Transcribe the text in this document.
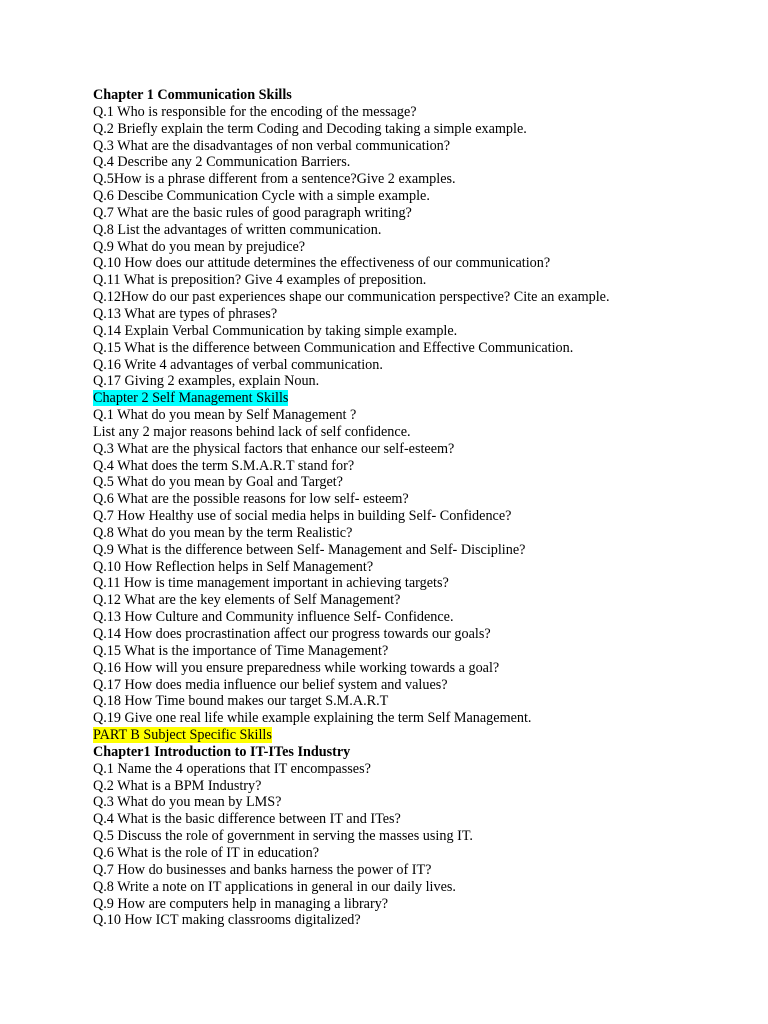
Chapter 1 Communication Skills
Q.1 Who is responsible for the encoding of the message?
Q.2 Briefly explain the term Coding and Decoding taking a simple example.
Q.3 What are the disadvantages of non verbal communication?
Q.4 Describe any 2 Communication Barriers.
Q.5How is a phrase different from a sentence?Give 2 examples.
Q.6 Descibe Communication Cycle with a simple example.
Q.7 What are the basic rules of good paragraph writing?
Q.8 List the advantages of written communication.
Q.9 What do you mean by prejudice?
Q.10 How does our attitude determines the effectiveness of our communication?
Q.11 What is preposition? Give 4 examples of preposition.
Q.12How do our past experiences shape our communication perspective? Cite an example.
Q.13 What are types of phrases?
Q.14 Explain Verbal Communication by taking simple example.
Q.15 What is the difference between Communication and Effective Communication.
Q.16 Write 4 advantages of verbal communication.
Q.17 Giving 2 examples, explain Noun.
Chapter 2 Self Management Skills
Q.1 What do you mean by Self Management ?
List any 2 major reasons behind lack of self confidence.
Q.3 What are the physical factors that enhance our self-esteem?
Q.4 What does the term S.M.A.R.T stand for?
Q.5 What do you mean by Goal and Target?
Q.6 What are the possible reasons for low self- esteem?
Q.7 How Healthy use of social media helps in building Self- Confidence?
Q.8 What do you mean by the term Realistic?
Q.9 What is the difference between Self- Management and Self- Discipline?
Q.10 How Reflection helps in Self Management?
Q.11 How is time management important in achieving targets?
Q.12 What are the key elements of Self Management?
Q.13 How Culture and Community influence Self- Confidence.
Q.14 How does procrastination affect our progress towards our goals?
Q.15 What is the importance of Time Management?
Q.16 How will you ensure preparedness while working towards a goal?
Q.17 How does media influence our belief system and values?
Q.18 How Time bound makes our target S.M.A.R.T
Q.19 Give one real life while example explaining the term Self Management.
PART B Subject Specific Skills
Chapter1 Introduction to IT-ITes Industry
Q.1 Name the 4 operations that IT encompasses?
Q.2 What is a BPM Industry?
Q.3 What do you mean by LMS?
Q.4 What is the basic difference between IT and ITes?
Q.5 Discuss the role of government in serving the masses using IT.
Q.6 What is the role of IT in education?
Q.7 How do businesses and banks harness the power of IT?
Q.8 Write a note on IT applications in general in our daily lives.
Q.9 How are computers help in managing a library?
Q.10 How ICT making classrooms digitalized?
